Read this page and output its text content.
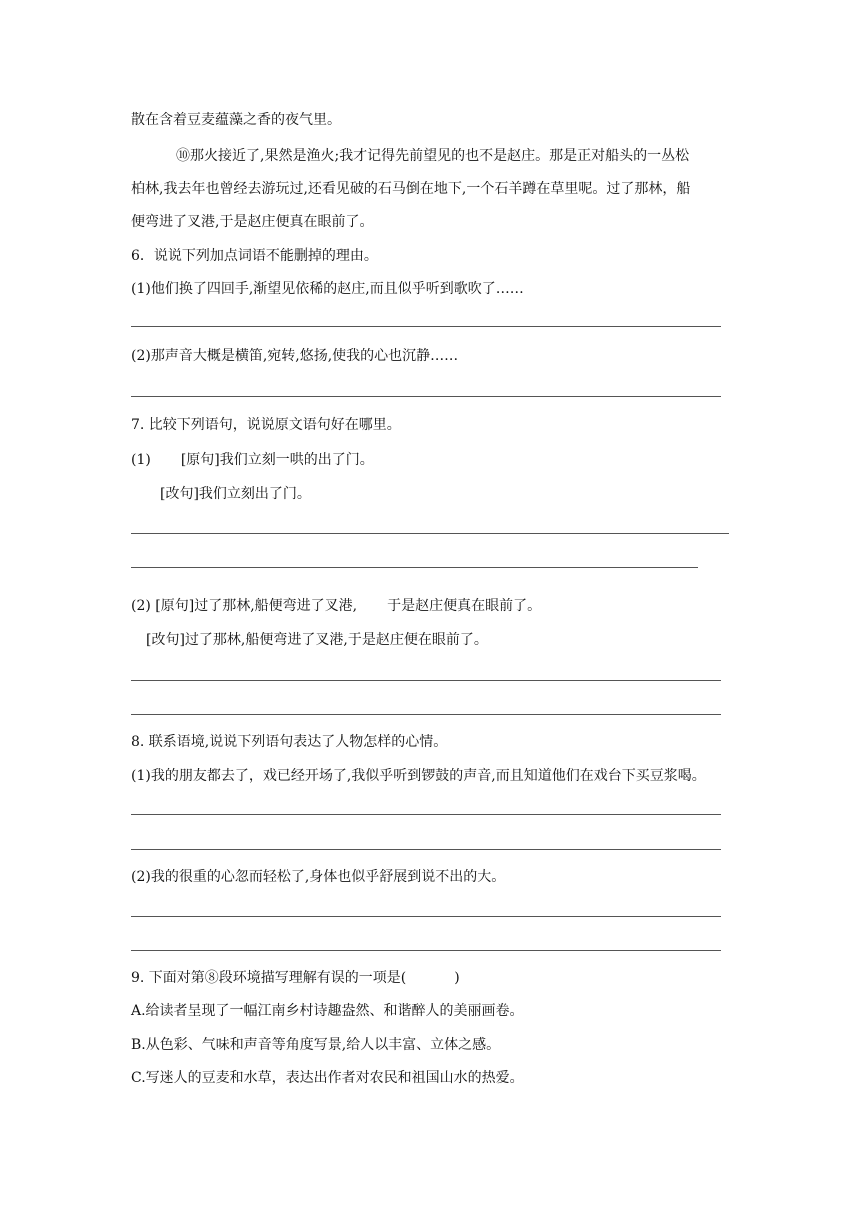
散在含着豆麦蕴藻之香的夜气里。
⑩那火接近了,果然是渔火;我才记得先前望见的也不是赵庄。那是正对船头的一丛松
柏林,我去年也曾经去游玩过,还看见破的石马倒在地下,一个石羊蹲在草里呢。过了那林，船
便弯进了叉港,于是赵庄便真在眼前了。
6．说说下列加点词语不能删掉的理由。
(1)他们换了四回手,渐望见依稀的赵庄,而且似乎听到歌吹了……
(2)那声音大概是横笛,宛转,悠扬,使我的心也沉静……
7. 比较下列语句，说说原文语句好在哪里。
(1) [原句]我们立刻一哄的出了门。
[改句]我们立刻出了门。
(2) [原句]过了那林,船便弯进了叉港, 于是赵庄便真在眼前了。
[改句]过了那林,船便弯进了叉港,于是赵庄便在眼前了。
8. 联系语境,说说下列语句表达了人物怎样的心情。
(1)我的朋友都去了，戏已经开场了,我似乎听到锣鼓的声音,而且知道他们在戏台下买豆浆喝。
(2)我的很重的心忽而轻松了,身体也似乎舒展到说不出的大。
9. 下面对第⑧段环境描写理解有误的一项是(	)
A.给读者呈现了一幅江南乡村诗趣盎然、和谐醉人的美丽画卷。
B.从色彩、气味和声音等角度写景,给人以丰富、立体之感。
C.写迷人的豆麦和水草，表达出作者对农民和祖国山水的热爱。
